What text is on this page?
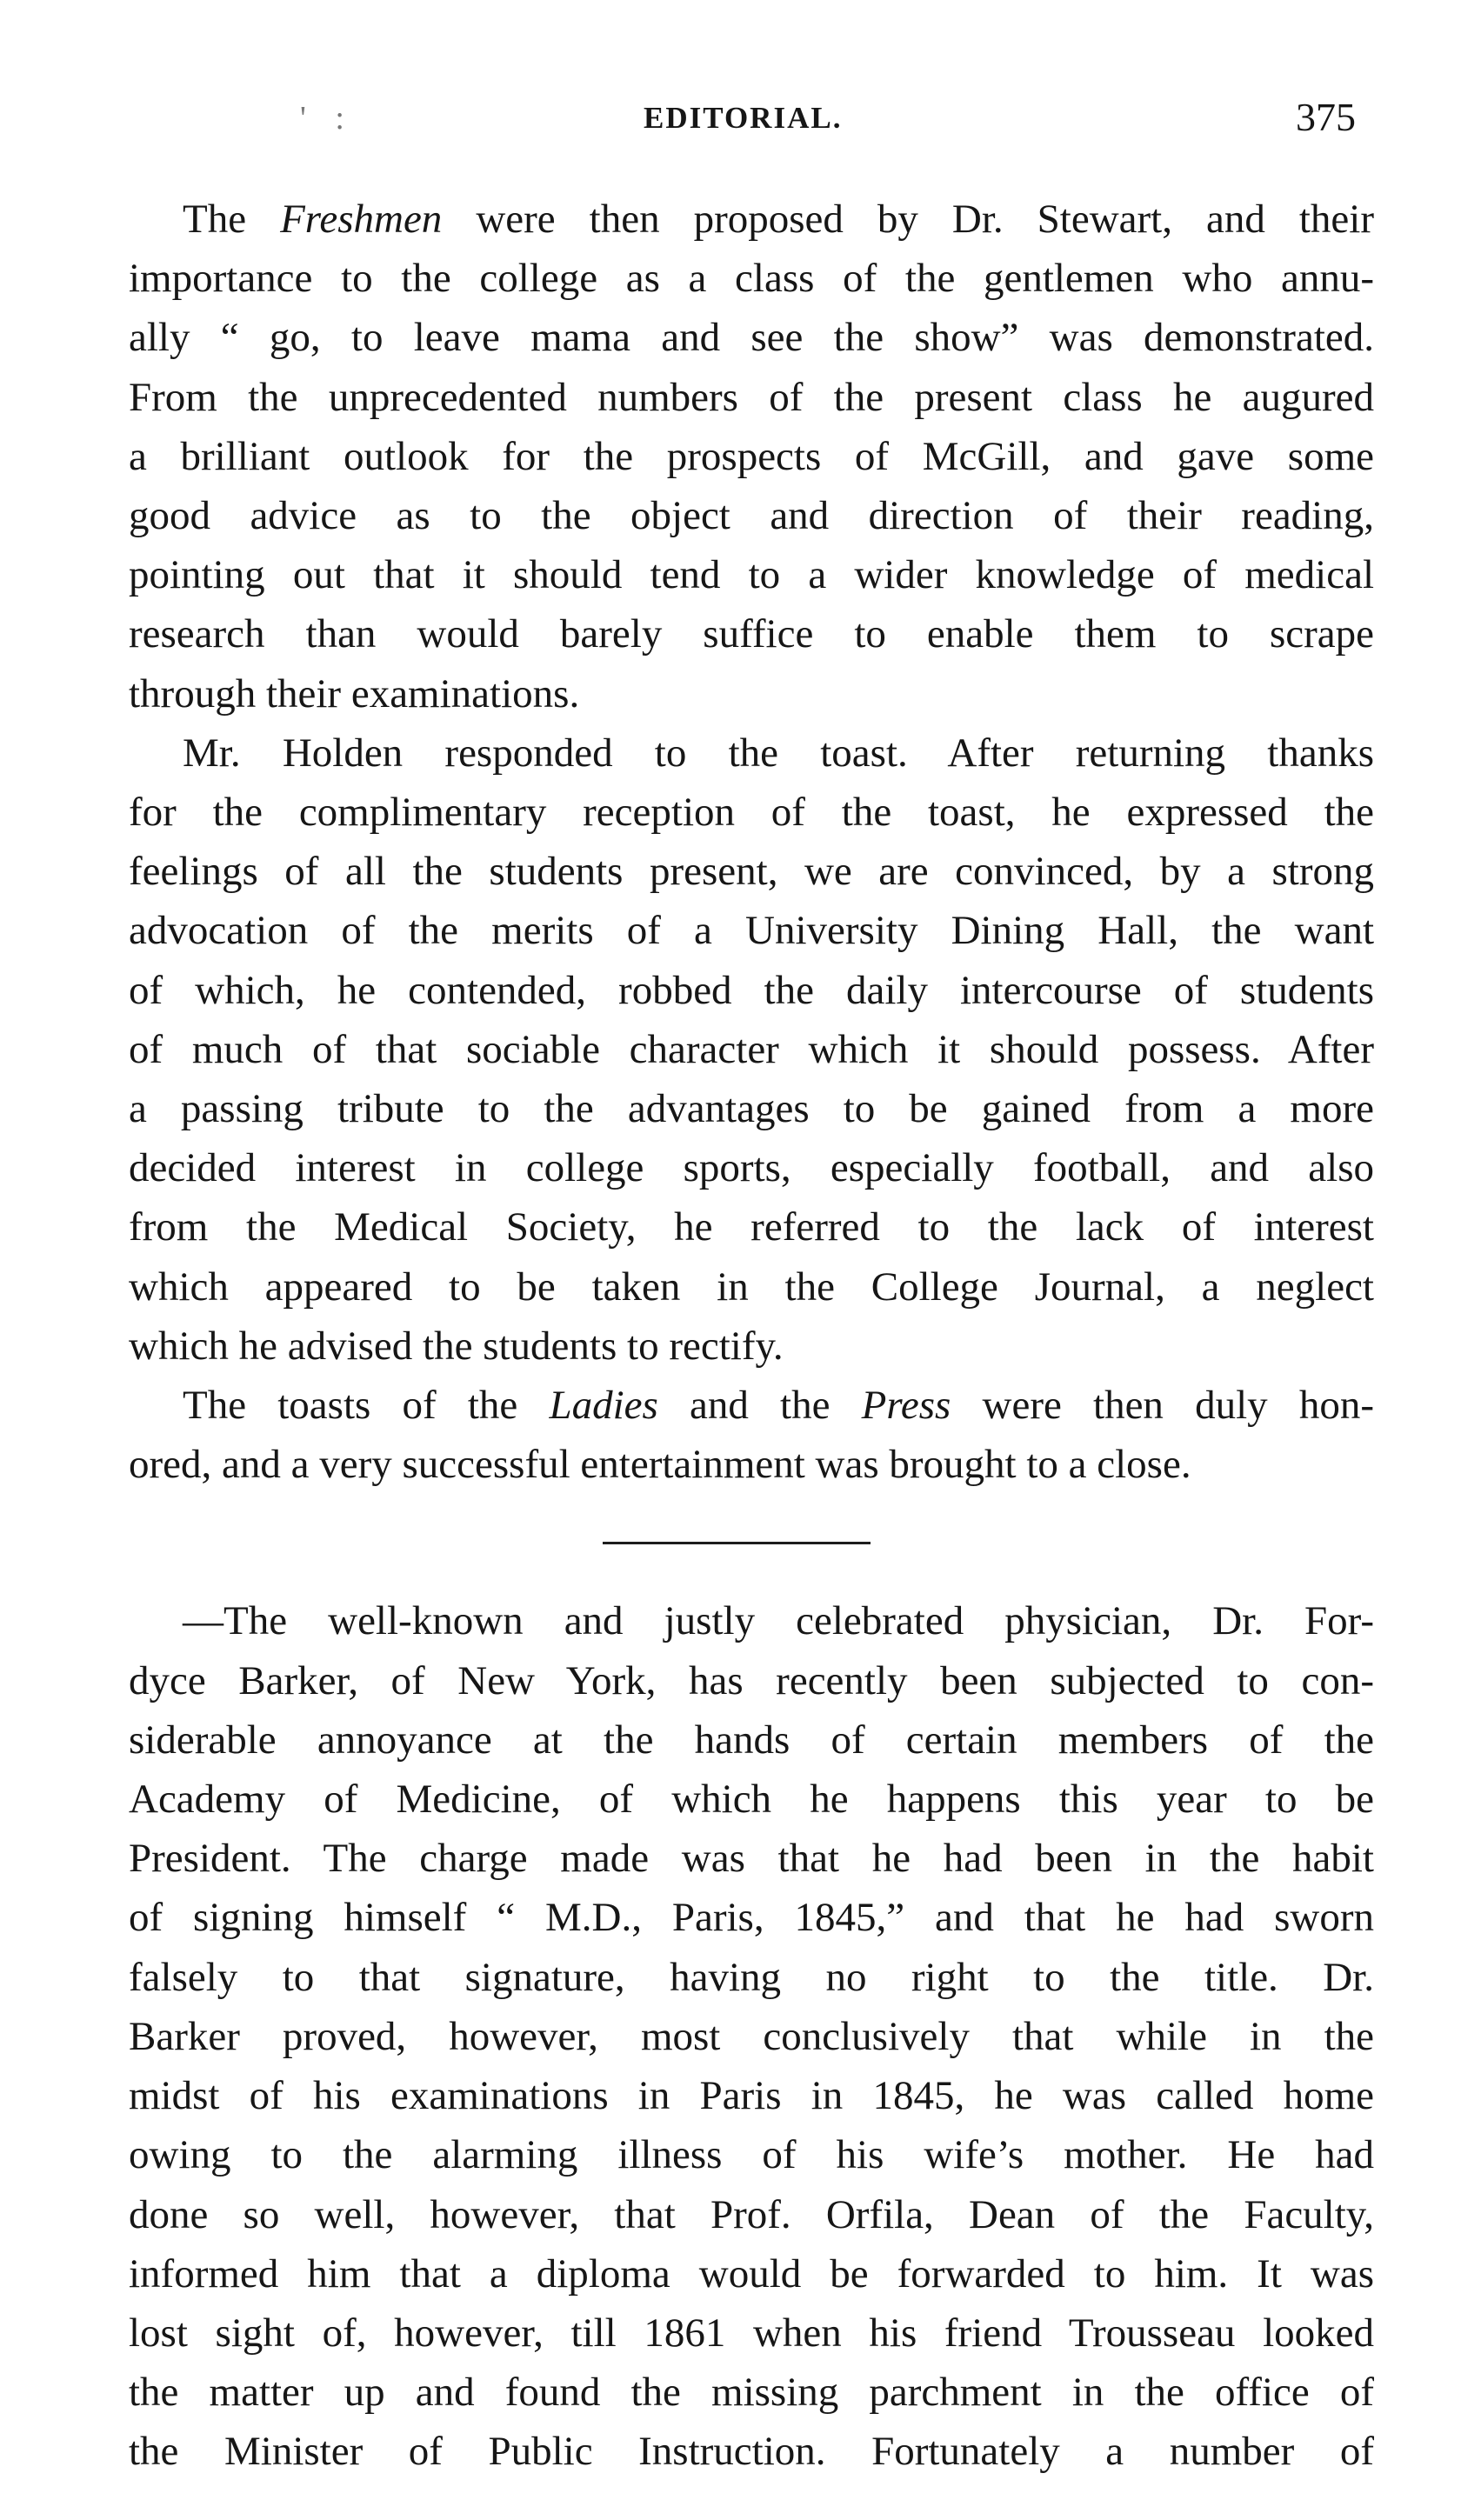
' :	EDITORIAL.	375
The Freshmen were then proposed by Dr. Stewart, and their
importance to the college as a class of the gentlemen who annu-
ally “ go, to leave mama and see the show” was demonstrated.
From the unprecedented numbers of the present class he augured
a brilliant outlook for the prospects of McGill, and gave some
good advice as to the object and direction of their reading,
pointing out that it should tend to a wider knowledge of medical
research than would barely suffice to enable them to scrape
through their examinations.
Mr. Holden responded to the toast. After returning thanks
for the complimentary reception of the toast, he expressed the
feelings of all the students present, we are convinced, by a strong
advocation of the merits of a University Dining Hall, the want
of which, he contended, robbed the daily intercourse of students
of much of that sociable character which it should possess. After
a passing tribute to the advantages to be gained from a more
decided interest in college sports, especially football, and also
from the Medical Society, he referred to the lack of interest
which appeared to be taken in the College Journal, a neglect
which he advised the students to rectify.
The toasts of the Ladies and the Press were then duly hon-
ored, and a very successful entertainment was brought to a close.
—The well-known and justly celebrated physician, Dr. For-
dyce Barker, of New York, has recently been subjected to con-
siderable annoyance at the hands of certain members of the
Academy of Medicine, of which he happens this year to be
President. The charge made was that he had been in the habit
of signing himself “ M.D., Paris, 1845,” and that he had sworn
falsely to that signature, having no right to the title. Dr.
Barker proved, however, most conclusively that while in the
midst of his examinations in Paris in 1845, he was called home
owing to the alarming illness of his wife’s mother. He had
done so well, however, that Prof. Orfila, Dean of the Faculty,
informed him that a diploma would be forwarded to him. It was
lost sight of, however, till 1861 when his friend Trousseau looked
the matter up and found the missing parchment in the office of
the Minister of Public Instruction. Fortunately a number of
